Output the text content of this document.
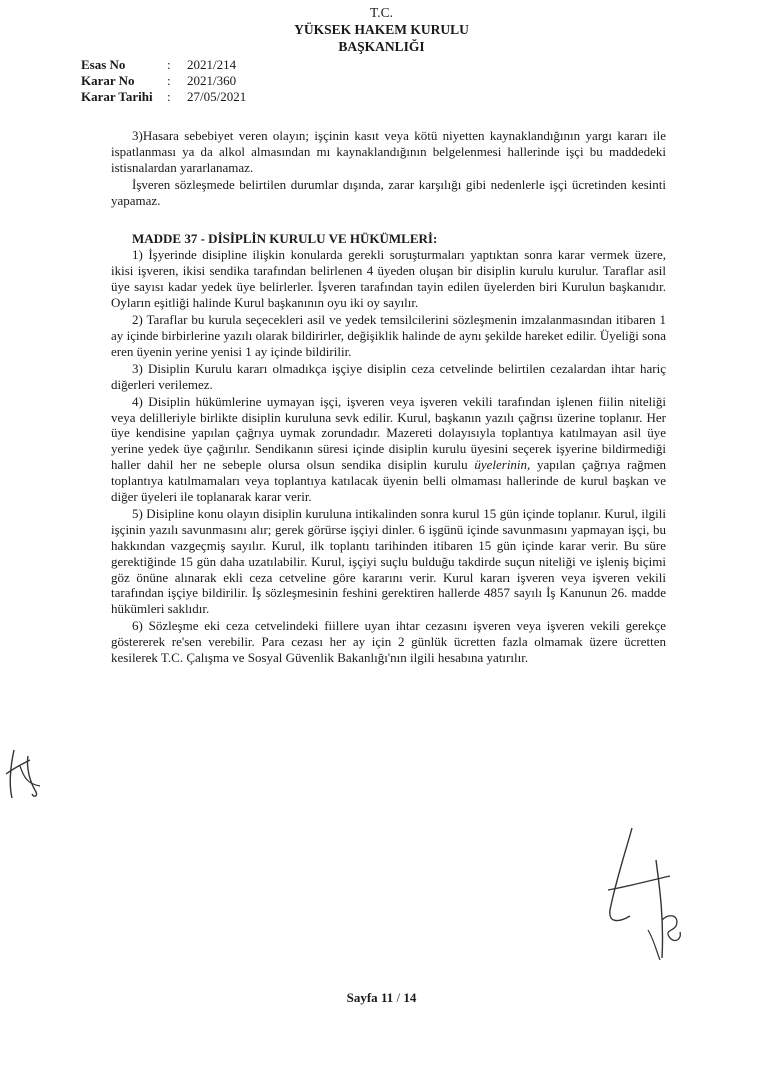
T.C.
YÜKSEK HAKEM KURULU
BAŞKANLIĞI
Esas No	:	2021/214
Karar No	:	2021/360
Karar Tarihi	:	27/05/2021

3)Hasara sebebiyet veren olayın; işçinin kasıt veya kötü niyetten kaynaklandığının yargı kararı ile ispatlanması ya da alkol almasından mı kaynaklandığının belgelenmesi hallerinde işçi bu maddedeki istisnalardan yararlanamaz.

İşveren sözleşmede belirtilen durumlar dışında, zarar karşılığı gibi nedenlerle işçi ücretinden kesinti yapamaz.

MADDE 37 - DİSİPLİN KURULU VE HÜKÜMLERİ:

1) İşyerinde disipline ilişkin konularda gerekli soruşturmaları yaptıktan sonra karar vermek üzere, ikisi işveren, ikisi sendika tarafından belirlenen 4 üyeden oluşan bir disiplin kurulu kurulur. Taraflar asil üye sayısı kadar yedek üye belirlerler. İşveren tarafından tayin edilen üyelerden biri Kurulun başkanıdır. Oyların eşitliği halinde Kurul başkanının oyu iki oy sayılır.

2) Taraflar bu kurula seçecekleri asil ve yedek temsilcilerini sözleşmenin imzalanmasından itibaren 1 ay içinde birbirlerine yazılı olarak bildirirler, değişiklik halinde de aynı şekilde hareket edilir. Üyeliği sona eren üyenin yerine yenisi 1 ay içinde bildirilir.

3) Disiplin Kurulu kararı olmadıkça işçiye disiplin ceza cetvelinde belirtilen cezalardan ihtar hariç diğerleri verilemez.

4) Disiplin hükümlerine uymayan işçi, işveren veya işveren vekili tarafından işlenen fiilin niteliği veya delilleriyle birlikte disiplin kuruluna sevk edilir. Kurul, başkanın yazılı çağrısı üzerine toplanır. Her üye kendisine yapılan çağrıya uymak zorundadır. Mazereti dolayısıyla toplantıya katılmayan asil üye yerine yedek üye çağırılır. Sendikanın süresi içinde disiplin kurulu üyesini seçerek işyerine bildirmediği haller dahil her ne sebeple olursa olsun sendika disiplin kurulu üyelerinin, yapılan çağrıya rağmen toplantıya katılmamaları veya toplantıya katılacak üyenin belli olmaması hallerinde de kurul başkan ve diğer üyeleri ile toplanarak karar verir.

5) Disipline konu olayın disiplin kuruluna intikalinden sonra kurul 15 gün içinde toplanır. Kurul, ilgili işçinin yazılı savunmasını alır; gerek görürse işçiyi dinler. 6 işgünü içinde savunmasını yapmayan işçi, bu hakkından vazgeçmiş sayılır. Kurul, ilk toplantı tarihinden itibaren 15 gün içinde karar verir. Bu süre gerektiğinde 15 gün daha uzatılabilir. Kurul, işçiyi suçlu bulduğu takdirde suçun niteliği ve işleniş biçimi göz önüne alınarak ekli ceza cetveline göre kararını verir. Kurul kararı işveren veya işveren vekili tarafından işçiye bildirilir. İş sözleşmesinin feshini gerektiren hallerde 4857 sayılı İş Kanunun 26. madde hükümleri saklıdır.

6) Sözleşme eki ceza cetvelindeki fiillere uyan ihtar cezasını işveren veya işveren vekili gerekçe göstererek re'sen verebilir. Para cezası her ay için 2 günlük ücretten fazla olmamak üzere ücretten kesilerek T.C. Çalışma ve Sosyal Güvenlik Bakanlığı'nın ilgili hesabına yatırılır.

Sayfa 11 / 14
